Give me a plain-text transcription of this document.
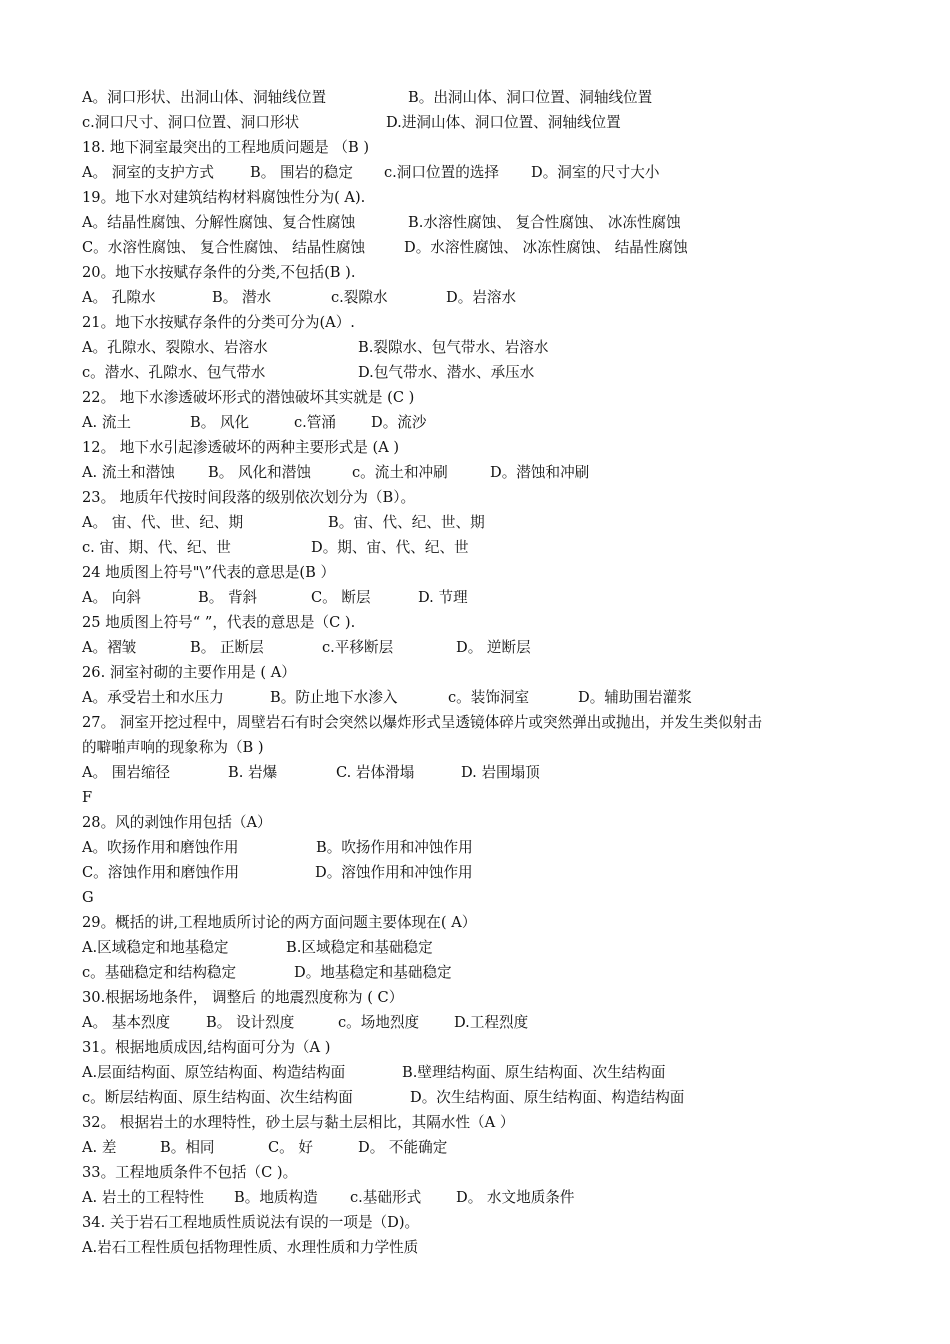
A。洞口形状、出洞山体、洞轴线位置	B。出洞山体、洞口位置、洞轴线位置
c.洞口尺寸、洞口位置、洞口形状	D.进洞山体、洞口位置、洞轴线位置
18. 地下洞室最突出的工程地质问题是 （B )
A。 洞室的支护方式 B。 围岩的稳定 c.洞口位置的选择 D。洞室的尺寸大小
19。地下水对建筑结构材料腐蚀性分为( A).
A。结晶性腐蚀、分解性腐蚀、复合性腐蚀	B.水溶性腐蚀、 复合性腐蚀、 冰冻性腐蚀
C。水溶性腐蚀、 复合性腐蚀、 结晶性腐蚀	D。水溶性腐蚀、 冰冻性腐蚀、 结晶性腐蚀
20。地下水按赋存条件的分类,不包括(B ).
A。 孔隙水	B。 潜水	c.裂隙水	D。岩溶水
21。地下水按赋存条件的分类可分为(A）.
A。孔隙水、裂隙水、岩溶水	B.裂隙水、包气带水、岩溶水
c。潜水、孔隙水、包气带水	D.包气带水、潜水、承压水
22。 地下水渗透破坏形式的潜蚀破坏其实就是 (C )
A. 流土	B。 风化	c.管涌 D。流沙
12。 地下水引起渗透破坏的两种主要形式是 (A )
A. 流土和潜蚀 B。 风化和潜蚀	c。流土和冲刷	D。潜蚀和冲刷
23。 地质年代按时间段落的级别依次划分为（B）。
A。 宙、代、世、纪、期	B。宙、代、纪、世、期
c. 宙、期、代、纪、世	D。期、宙、代、纪、世
24 地质图上符号"\”代表的意思是(B ）
A。 向斜	B。 背斜	C。 断层	D. 节理
25 地质图上符号“ ”，代表的意思是（C ).
A。褶皱	B。 正断层	c.平移断层	D。 逆断层
26. 洞室衬砌的主要作用是 ( A）
A。承受岩土和水压力	B。防止地下水渗入	c。装饰洞室	D。辅助围岩灌浆
27。 洞室开挖过程中，周壁岩石有时会突然以爆炸形式呈透镜体碎片或突然弹出或抛出，并发生类似射击
的噼啪声响的现象称为（B )
A。 围岩缩径	B. 岩爆	C. 岩体滑塌	D. 岩围塌顶
F
28。风的剥蚀作用包括（A）
A。吹扬作用和磨蚀作用	B。吹扬作用和冲蚀作用
C。溶蚀作用和磨蚀作用	D。溶蚀作用和冲蚀作用
G
29。概括的讲,工程地质所讨论的两方面问题主要体现在( A）
A.区域稳定和地基稳定	B.区域稳定和基础稳定
c。基础稳定和结构稳定	D。地基稳定和基础稳定
30.根据场地条件， 调整后 的地震烈度称为 ( C）
A。 基本烈度 B。 设计烈度	c。场地烈度 D.工程烈度
31。根据地质成因,结构面可分为（A )
A.层面结构面、原笠结构面、构造结构面	B.壁理结构面、原生结构面、次生结构面
c。断层结构面、原生结构面、次生结构面	D。次生结构面、原生结构面、构造结构面
32。 根据岩土的水理特性，砂土层与黏土层相比，其隔水性（A ）
A. 差	B。相同	C。 好	D。 不能确定
33。工程地质条件不包括（C )。
A. 岩土的工程特性 B。地质构造 c.基础形式 D。 水文地质条件
34. 关于岩石工程地质性质说法有误的一项是（D)。
A.岩石工程性质包括物理性质、水理性质和力学性质
